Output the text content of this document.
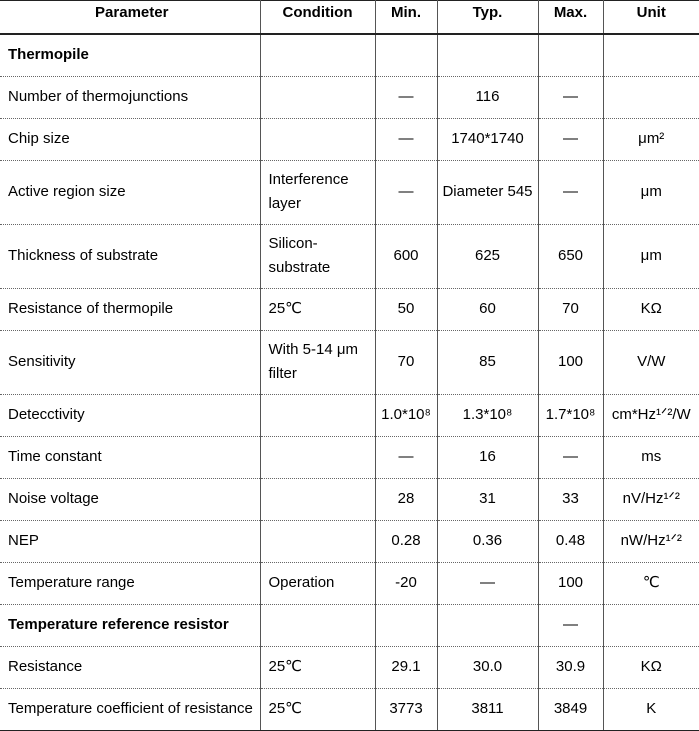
Parameter	Condition	Min.	Typ.	Max.	Unit
Thermopile					
Number of thermojunctions		—	116	—	
Chip size		—	1740*1740	—	μm²
Active region size	Interference layer	—	Diameter 545	—	μm
Thickness of substrate	Silicon-substrate	600	625	650	μm
Resistance of thermopile	25℃	50	60	70	KΩ
Sensitivity	With 5-14 μm filter	70	85	100	V/W
Detecctivity		1.0*10⁸	1.3*10⁸	1.7*10⁸	cm*Hz¹ᐟ²/W
Time constant		—	16	—	ms
Noise voltage		28	31	33	nV/Hz¹ᐟ²
NEP		0.28	0.36	0.48	nW/Hz¹ᐟ²
Temperature range	Operation	-20	—	100	℃
Temperature reference resistor				—	
Resistance	25℃	29.1	30.0	30.9	KΩ
Temperature coefficient of resistance	25℃	3773	3811	3849	K
